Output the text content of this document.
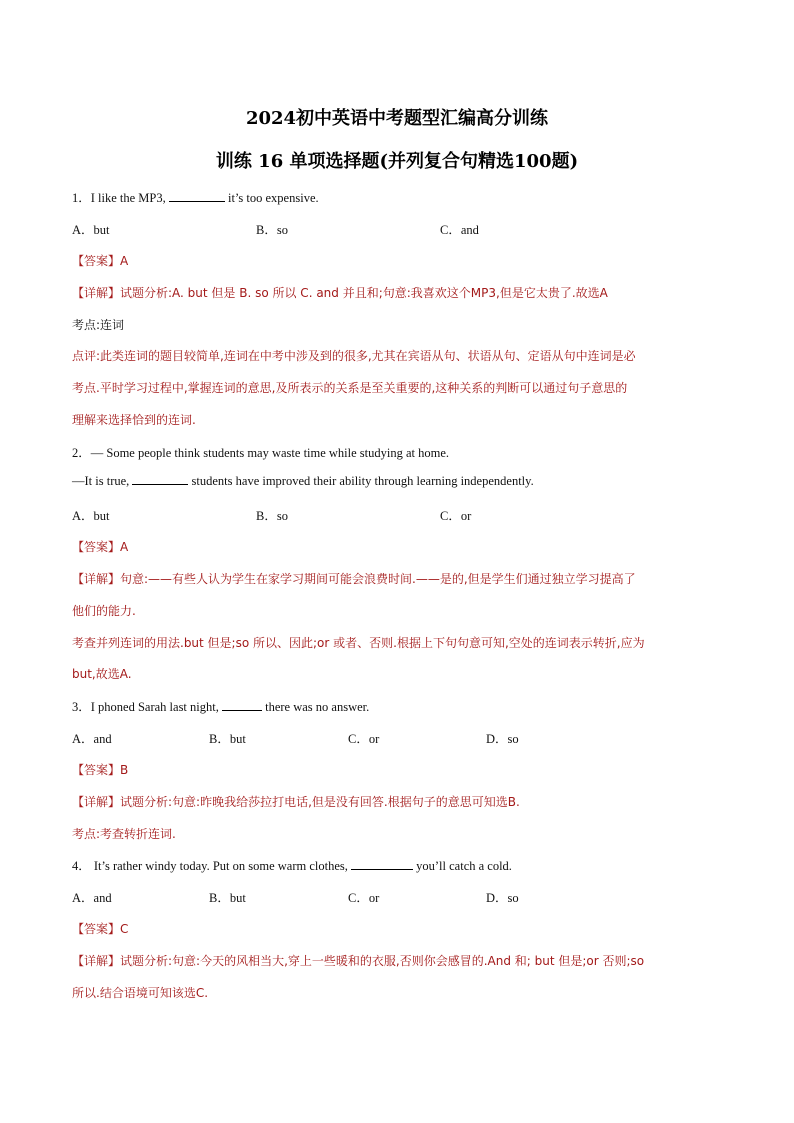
2024初中英语中考题型汇编高分训练
训练 16 单项选择题(并列复合句精选100题)
1．I like the MP3,	it’s too expensive.
A．but	B．so	C．and
【答案】A
【详解】试题分析:A. but 但是 B. so 所以 C. and 并且和;句意:我喜欢这个MP3,但是它太贵了.故选A
考点:连词
点评:此类连词的题目较简单,连词在中考中涉及到的很多,尤其在宾语从句、状语从句、定语从句中连词是必
考点.平时学习过程中,掌握连词的意思,及所表示的关系是至关重要的,这种关系的判断可以通过句子意思的
理解来选择恰到的连词.
2．— Some people think students may waste time while studying at home.
—It is true,	students have improved their ability through learning independently.
A．but	B．so	C．or
【答案】A
【详解】句意:——有些人认为学生在家学习期间可能会浪费时间.——是的,但是学生们通过独立学习提高了
他们的能力.
考查并列连词的用法.but 但是;so 所以、因此;or 或者、否则.根据上下句句意可知,空处的连词表示转折,应为
but,故选A.
3．I phoned Sarah last night,	there was no answer.
A．and	B．but	C．or	D．so
【答案】B
【详解】试题分析:句意:昨晚我给莎拉打电话,但是没有回答.根据句子的意思可知选B.
考点:考查转折连词.
4． It’s rather windy today. Put on some warm clothes,	you’ll catch a cold.
A．and	B．but	C．or	D．so
【答案】C
【详解】试题分析:句意:今天的风相当大,穿上一些暖和的衣服,否则你会感冒的.And 和; but 但是;or 否则;so
所以.结合语境可知该选C.
